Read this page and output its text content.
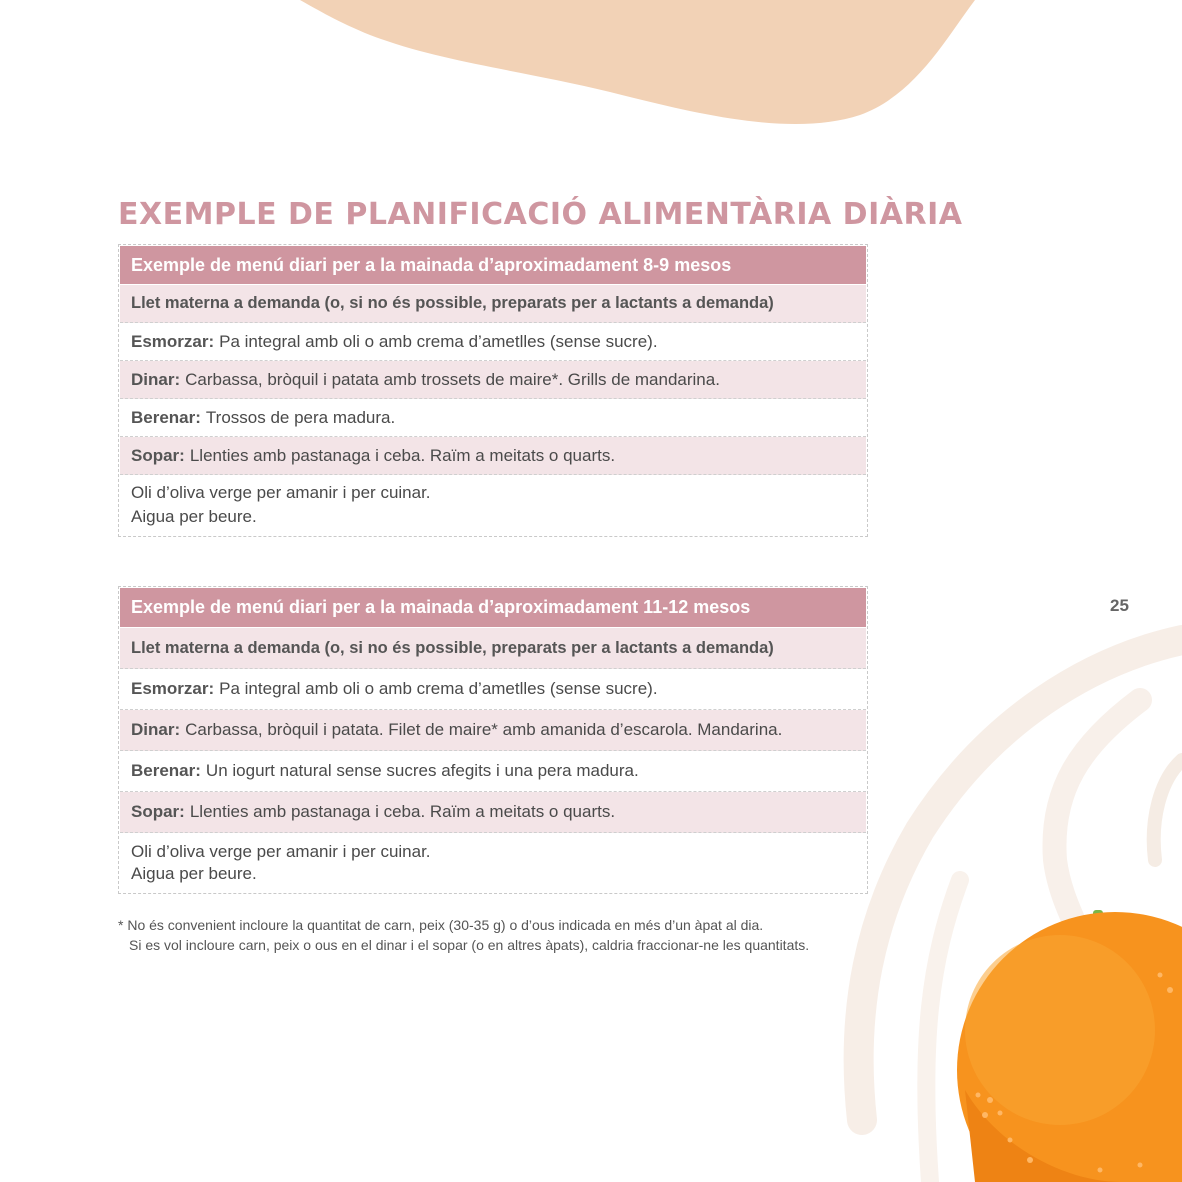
EXEMPLE DE PLANIFICACIÓ ALIMENTÀRIA DIÀRIA
Exemple de menú diari per a la mainada d’aproximadament 8-9 mesos
Llet materna a demanda (o, si no és possible, preparats per a lactants a demanda)
Esmorzar: Pa integral amb oli o amb crema d’ametlles (sense sucre).
Dinar: Carbassa, bròquil i patata amb trossets de maire*. Grills de mandarina.
Berenar: Trossos de pera madura.
Sopar: Llenties amb pastanaga i ceba. Raïm a meitats o quarts.
Oli d’oliva verge per amanir i per cuinar.
Aigua per beure.
Exemple de menú diari per a la mainada d’aproximadament 11-12 mesos
Llet materna a demanda (o, si no és possible, preparats per a lactants a demanda)
Esmorzar: Pa integral amb oli o amb crema d’ametlles (sense sucre).
Dinar: Carbassa, bròquil i patata. Filet de maire* amb amanida d’escarola. Mandarina.
Berenar: Un iogurt natural sense sucres afegits i una pera madura.
Sopar: Llenties amb pastanaga i ceba. Raïm a meitats o quarts.
Oli d’oliva verge per amanir i per cuinar.
Aigua per beure.

* No és convenient incloure la quantitat de carn, peix (30-35 g) o d’ous indicada en més d’un àpat al dia.

Si es vol incloure carn, peix o ous en el dinar i el sopar (o en altres àpats), caldria fraccionar-ne les quantitats.

25
